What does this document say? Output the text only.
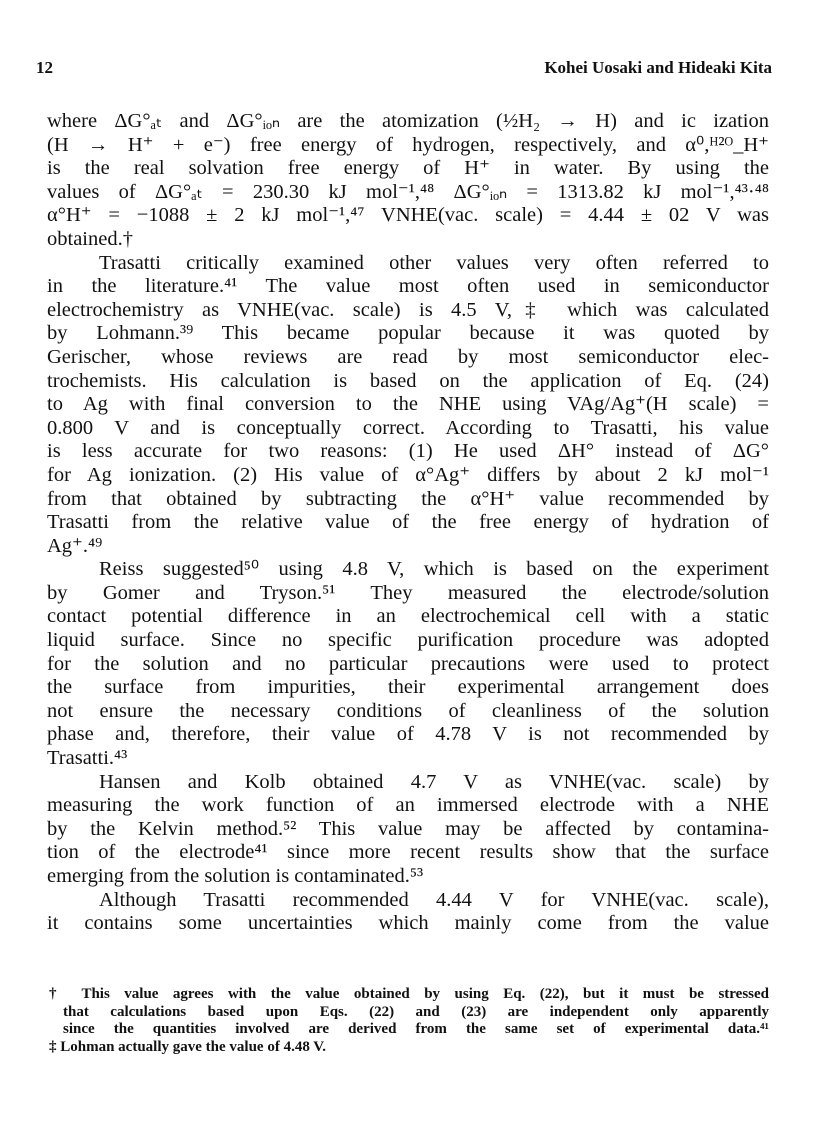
12	Kohei Uosaki and Hideaki Kita
where ΔG°ₐₜ and ΔG°ᵢₒₙ are the atomization (½H₂ → H) and ic ization
(H → H⁺ + e⁻) free energy of hydrogen, respectively, and α⁰,ᴴ²ᴼ_H⁺
is the real solvation free energy of H⁺ in water. By using the
values of ΔG°ₐₜ = 230.30 kJ mol⁻¹,⁴⁸ ΔG°ᵢₒₙ = 1313.82 kJ mol⁻¹,⁴³·⁴⁸
α°H⁺ = −1088 ± 2 kJ mol⁻¹,⁴⁷ VNHE(vac. scale) = 4.44 ± 02 V was
obtained.†
Trasatti critically examined other values very often referred to
in the literature.⁴¹ The value most often used in semiconductor
electrochemistry as VNHE(vac. scale) is 4.5 V,‡ which was calculated
by Lohmann.³⁹ This became popular because it was quoted by
Gerischer, whose reviews are read by most semiconductor elec-
trochemists. His calculation is based on the application of Eq. (24)
to Ag with final conversion to the NHE using VAg/Ag⁺(H scale) =
0.800 V and is conceptually correct. According to Trasatti, his value
is less accurate for two reasons: (1) He used ΔH° instead of ΔG°
for Ag ionization. (2) His value of α°Ag⁺ differs by about 2 kJ mol⁻¹
from that obtained by subtracting the α°H⁺ value recommended by
Trasatti from the relative value of the free energy of hydration of
Ag⁺.⁴⁹
Reiss suggested⁵⁰ using 4.8 V, which is based on the experiment
by Gomer and Tryson.⁵¹ They measured the electrode/solution
contact potential difference in an electrochemical cell with a static
liquid surface. Since no specific purification procedure was adopted
for the solution and no particular precautions were used to protect
the surface from impurities, their experimental arrangement does
not ensure the necessary conditions of cleanliness of the solution
phase and, therefore, their value of 4.78 V is not recommended by
Trasatti.⁴³
Hansen and Kolb obtained 4.7 V as VNHE(vac. scale) by
measuring the work function of an immersed electrode with a NHE
by the Kelvin method.⁵² This value may be affected by contamina-
tion of the electrode⁴¹ since more recent results show that the surface
emerging from the solution is contaminated.⁵³
Although Trasatti recommended 4.44 V for VNHE(vac. scale),
it contains some uncertainties which mainly come from the value
† This value agrees with the value obtained by using Eq. (22), but it must be stressed
that calculations based upon Eqs. (22) and (23) are independent only apparently
since the quantities involved are derived from the same set of experimental data.⁴¹
‡ Lohman actually gave the value of 4.48 V.
